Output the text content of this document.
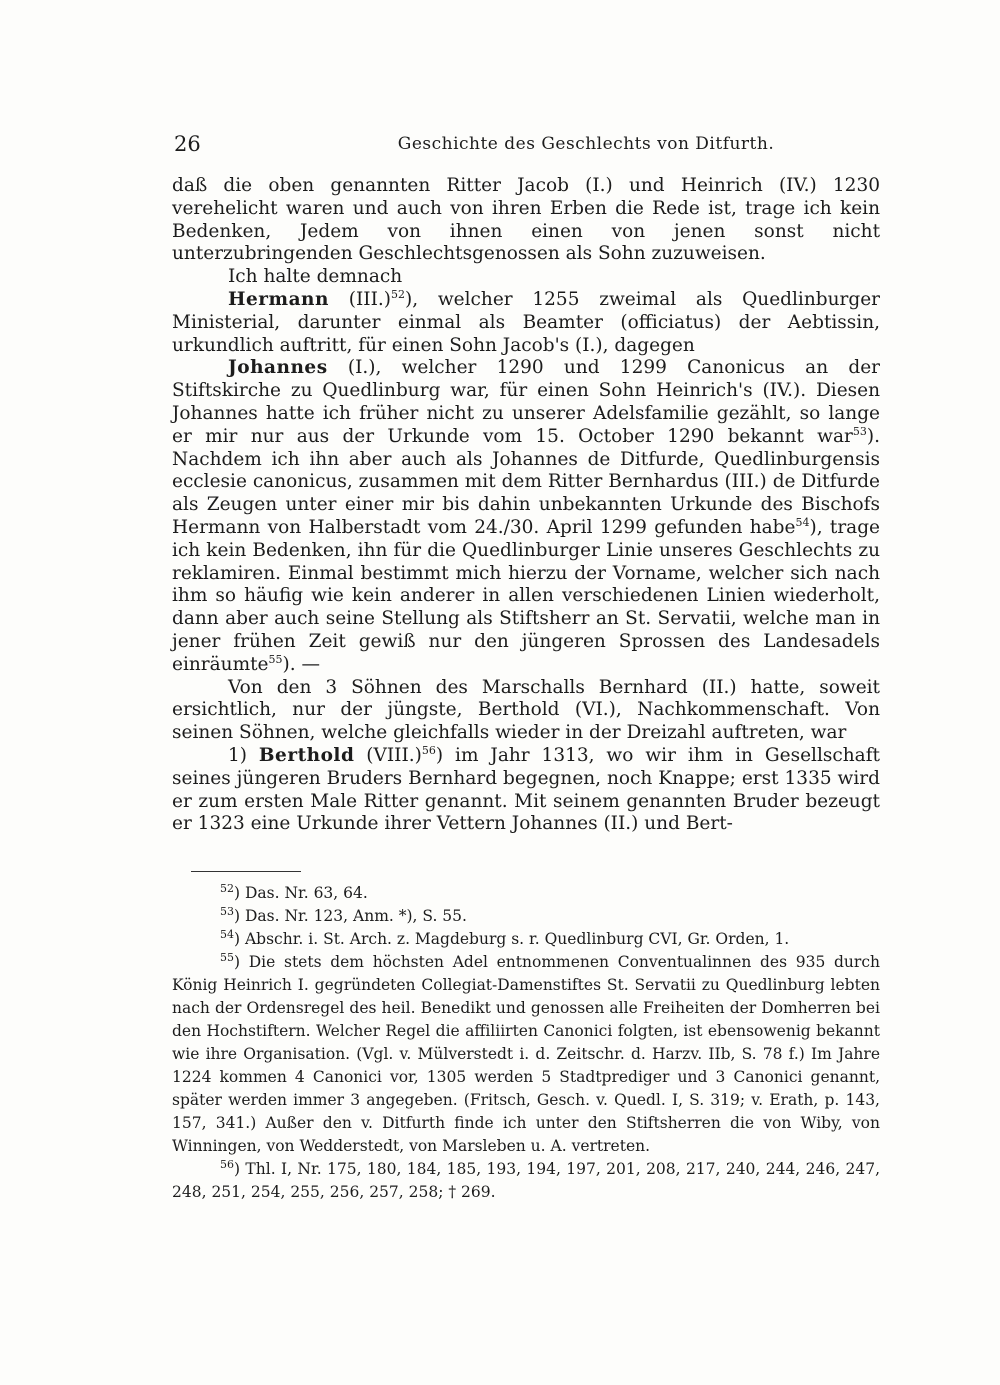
26	Geschichte des Geschlechts von Ditfurth.

daß die oben genannten Ritter Jacob (I.) und Heinrich (IV.) 1230 verehelicht waren und auch von ihren Erben die Rede ist, trage ich kein Bedenken, Jedem von ihnen einen von jenen sonst nicht unterzubringenden Geschlechtsgenossen als Sohn zuzuweisen.

Ich halte demnach

Hermann $(III.)^{52}$), welcher 1255 zweimal als Quedlinburger Ministerial, darunter einmal als Beamter (officiatus) der Aebtissin, urkundlich auftritt, für einen Sohn Jacob's (I.), dagegen

Johannes (I.), welcher 1290 und 1299 Canonicus an der Stiftskirche zu Quedlinburg war, für einen Sohn Heinrich's (IV.). Diesen Johannes hatte ich früher nicht zu unserer Adelsfamilie gezählt, so lange er mir nur aus der Urkunde vom 15. October 1290 bekannt war$^{53}$). Nachdem ich ihn aber auch als Johannes de Ditfurde, Quedlinburgensis ecclesie canonicus, zusammen mit dem Ritter Bernhardus (III.) de Ditfurde als Zeugen unter einer mir bis dahin unbekannten Urkunde des Bischofs Hermann von Halberstadt vom 24./30. April 1299 gefunden habe$^{54}$), trage ich kein Bedenken, ihn für die Quedlinburger Linie unseres Geschlechts zu reklamiren. Einmal bestimmt mich hierzu der Vorname, welcher sich nach ihm so häufig wie kein anderer in allen verschiedenen Linien wiederholt, dann aber auch seine Stellung als Stiftsherr an St. Servatii, welche man in jener frühen Zeit gewiß nur den jüngeren Sprossen des Landesadels einräumte$^{55}$). —

Von den 3 Söhnen des Marschalls Bernhard (II.) hatte, soweit ersichtlich, nur der jüngste, Berthold (VI.), Nachkommenschaft. Von seinen Söhnen, welche gleichfalls wieder in der Dreizahl auftreten, war

1) Berthold (VIII.)$^{56}$) im Jahr 1313, wo wir ihm in Gesellschaft seines jüngeren Bruders Bernhard begegnen, noch Knappe; erst 1335 wird er zum ersten Male Ritter genannt. Mit seinem genannten Bruder bezeugt er 1323 eine Urkunde ihrer Vettern Johannes (II.) und Bert-

$^{52}$) Das. Nr. 63, 64.

$^{53}$) Das. Nr. 123, Anm. *), S. 55.

$^{54}$) Abschr. i. St. Arch. z. Magdeburg s. r. Quedlinburg CVI, Gr. Orden, 1.

$^{55}$) Die stets dem höchsten Adel entnommenen Conventualinnen des 935 durch König Heinrich I. gegründeten Collegiat-Damenstiftes St. Servatii zu Quedlinburg lebten nach der Ordensregel des heil. Benedikt und genossen alle Freiheiten der Domherren bei den Hochstiftern. Welcher Regel die affiliirten Canonici folgten, ist ebensowenig bekannt wie ihre Organisation. (Vgl. v. Mülverstedt i. d. Zeitschr. d. Harzv. IIb, S. 78 f.) Im Jahre 1224 kommen 4 Canonici vor, 1305 werden 5 Stadtprediger und 3 Canonici genannt, später werden immer 3 angegeben. (Fritsch, Gesch. v. Quedl. I, S. 319; v. Erath, p. 143, 157, 341.) Außer den v. Ditfurth finde ich unter den Stiftsherren die von Wiby, von Winningen, von Wedderstedt, von Marsleben u. A. vertreten.

$^{56}$) Thl. I, Nr. 175, 180, 184, 185, 193, 194, 197, 201, 208, 217, 240, 244, 246, 247, 248, 251, 254, 255, 256, 257, 258; † 269.
